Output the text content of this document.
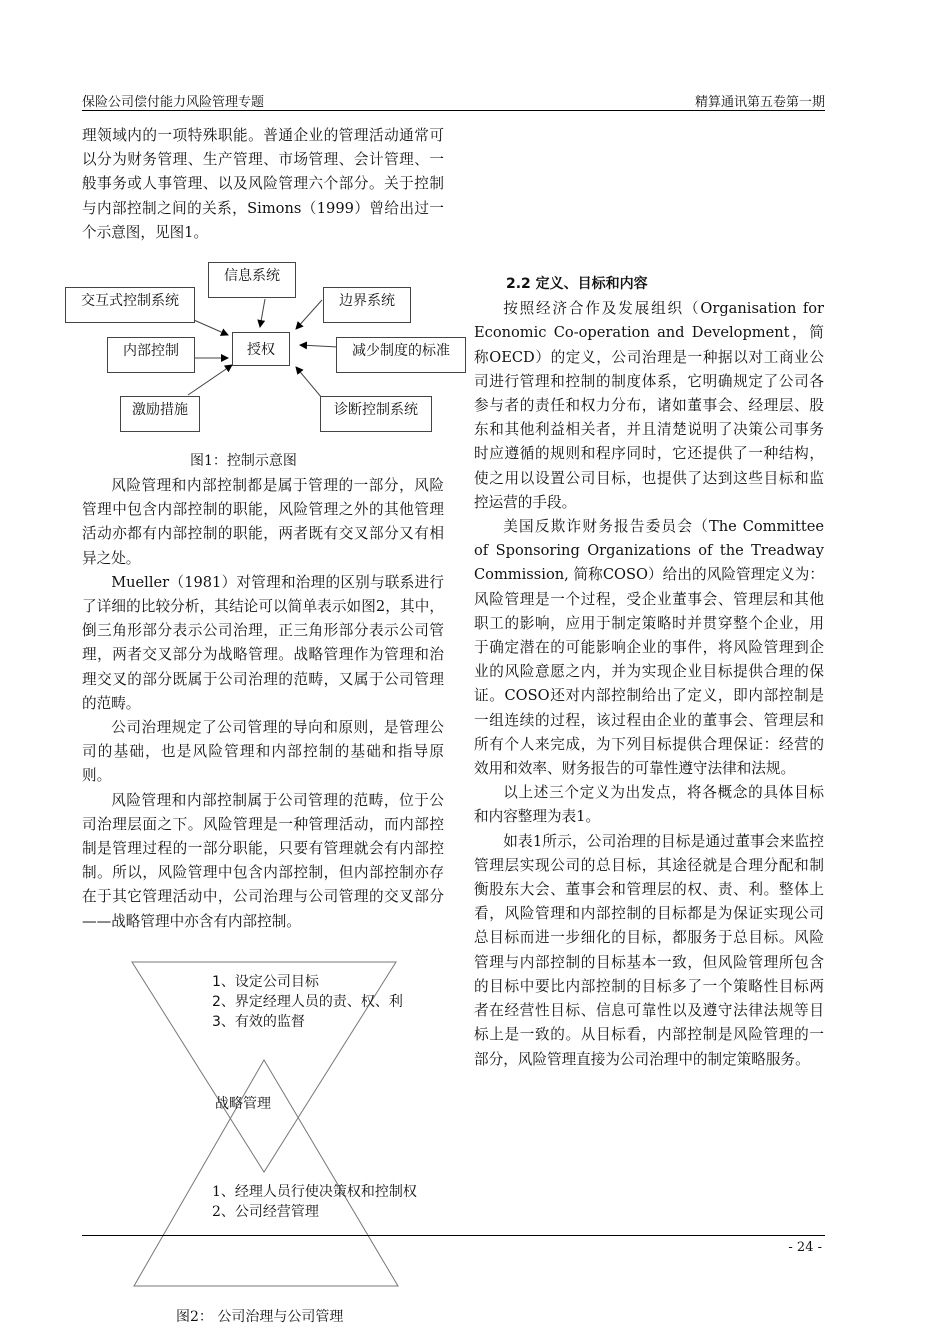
保险公司偿付能力风险管理专题	精算通讯第五卷第一期

理领域内的一项特殊职能。普通企业的管理活动通常可以分为财务管理、生产管理、市场管理、会计管理、一般事务或人事管理、以及风险管理六个部分。关于控制与内部控制之间的关系，Simons（1999）曾给出过一个示意图，见图1。

信息系统
交互式控制系统	边界系统
授权
内部控制	减少制度的标准
激励措施	诊断控制系统
图1：控制示意图

风险管理和内部控制都是属于管理的一部分，风险管理中包含内部控制的职能，风险管理之外的其他管理活动亦都有内部控制的职能，两者既有交叉部分又有相异之处。

Mueller（1981）对管理和治理的区别与联系进行了详细的比较分析，其结论可以简单表示如图2，其中，倒三角形部分表示公司治理，正三角形部分表示公司管理，两者交叉部分为战略管理。战略管理作为管理和治理交叉的部分既属于公司治理的范畴，又属于公司管理的范畴。

公司治理规定了公司管理的导向和原则，是管理公司的基础，也是风险管理和内部控制的基础和指导原则。

风险管理和内部控制属于公司管理的范畴，位于公司治理层面之下。风险管理是一种管理活动，而内部控制是管理过程的一部分职能，只要有管理就会有内部控制。所以，风险管理中包含内部控制，但内部控制亦存在于其它管理活动中，公司治理与公司管理的交叉部分——战略管理中亦含有内部控制。

1、设定公司目标
2、界定经理人员的责、权、利
3、有效的监督
战略管理
1、经理人员行使决策权和控制权
2、公司经营管理
图2： 公司治理与公司管理

2.2 定义、目标和内容

按照经济合作及发展组织（Organisation for Economic Co-operation and Development，简称OECD）的定义，公司治理是一种据以对工商业公司进行管理和控制的制度体系，它明确规定了公司各参与者的责任和权力分布，诸如董事会、经理层、股东和其他利益相关者，并且清楚说明了决策公司事务时应遵循的规则和程序同时，它还提供了一种结构，使之用以设置公司目标，也提供了达到这些目标和监控运营的手段。

美国反欺诈财务报告委员会（The Committee of Sponsoring Organizations of the Treadway Commission, 简称COSO）给出的风险管理定义为：风险管理是一个过程，受企业董事会、管理层和其他职工的影响，应用于制定策略时并贯穿整个企业，用于确定潜在的可能影响企业的事件，将风险管理到企业的风险意愿之内，并为实现企业目标提供合理的保证。COSO还对内部控制给出了定义，即内部控制是一组连续的过程，该过程由企业的董事会、管理层和所有个人来完成，为下列目标提供合理保证：经营的效用和效率、财务报告的可靠性遵守法律和法规。

以上述三个定义为出发点，将各概念的具体目标和内容整理为表1。

如表1所示，公司治理的目标是通过董事会来监控管理层实现公司的总目标，其途径就是合理分配和制衡股东大会、董事会和管理层的权、责、利。整体上看，风险管理和内部控制的目标都是为保证实现公司总目标而进一步细化的目标，都服务于总目标。风险管理与内部控制的目标基本一致，但风险管理所包含的目标中要比内部控制的目标多了一个策略性目标两者在经营性目标、信息可靠性以及遵守法律法规等目标上是一致的。从目标看，内部控制是风险管理的一部分，风险管理直接为公司治理中的制定策略服务。

- 24 -
